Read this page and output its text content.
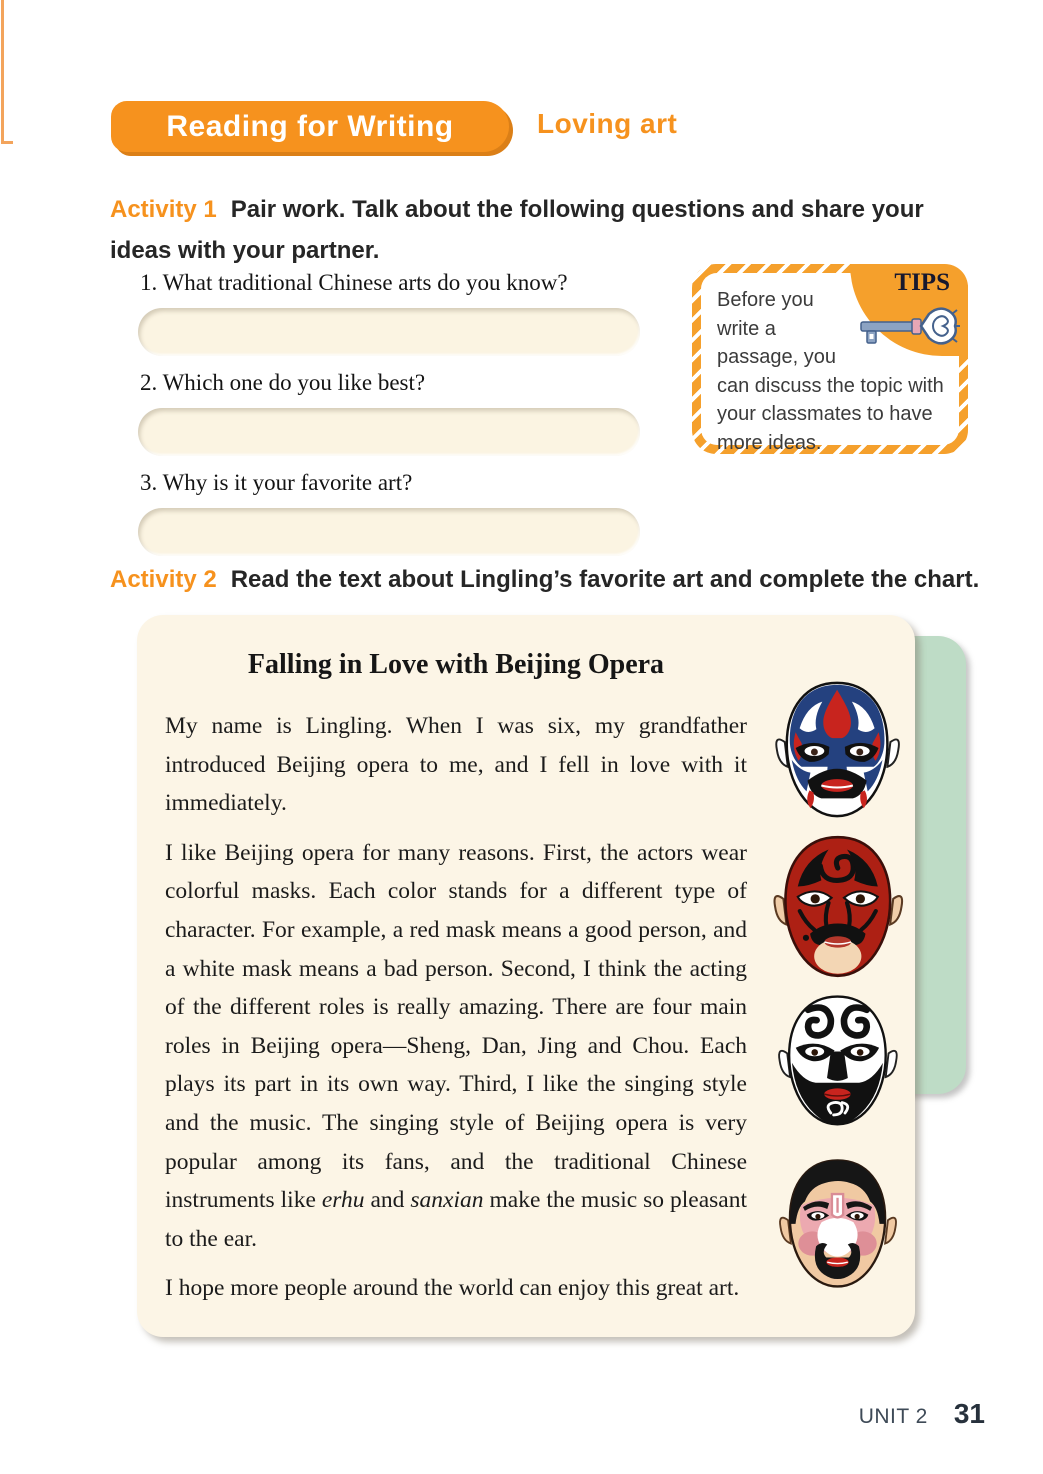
Reading for Writing	Loving art
Activity 1 Pair work. Talk about the following questions and share your ideas with your partner.
1. What traditional Chinese arts do you know?
2. Which one do you like best?
3. Why is it your favorite art?
Before you write a passage, you can discuss the topic with your classmates to have more ideas.
TIPS
Activity 2 Read the text about Lingling’s favorite art and complete the chart.
Falling in Love with Beijing Opera

My name is Lingling. When I was six, my grandfather introduced Beijing opera to me, and I fell in love with it immediately.

I like Beijing opera for many reasons. First, the actors wear colorful masks. Each color stands for a different type of character. For example, a red mask means a good person, and a white mask means a bad person. Second, I think the acting of the different roles is really amazing. There are four main roles in Beijing opera—Sheng, Dan, Jing and Chou. Each plays its part in its own way. Third, I like the singing style and the music. The singing style of Beijing opera is very popular among its fans, and the traditional Chinese instruments like erhu and sanxian make the music so pleasant to the ear.

I hope more people around the world can enjoy this great art.

UNIT 2 31
